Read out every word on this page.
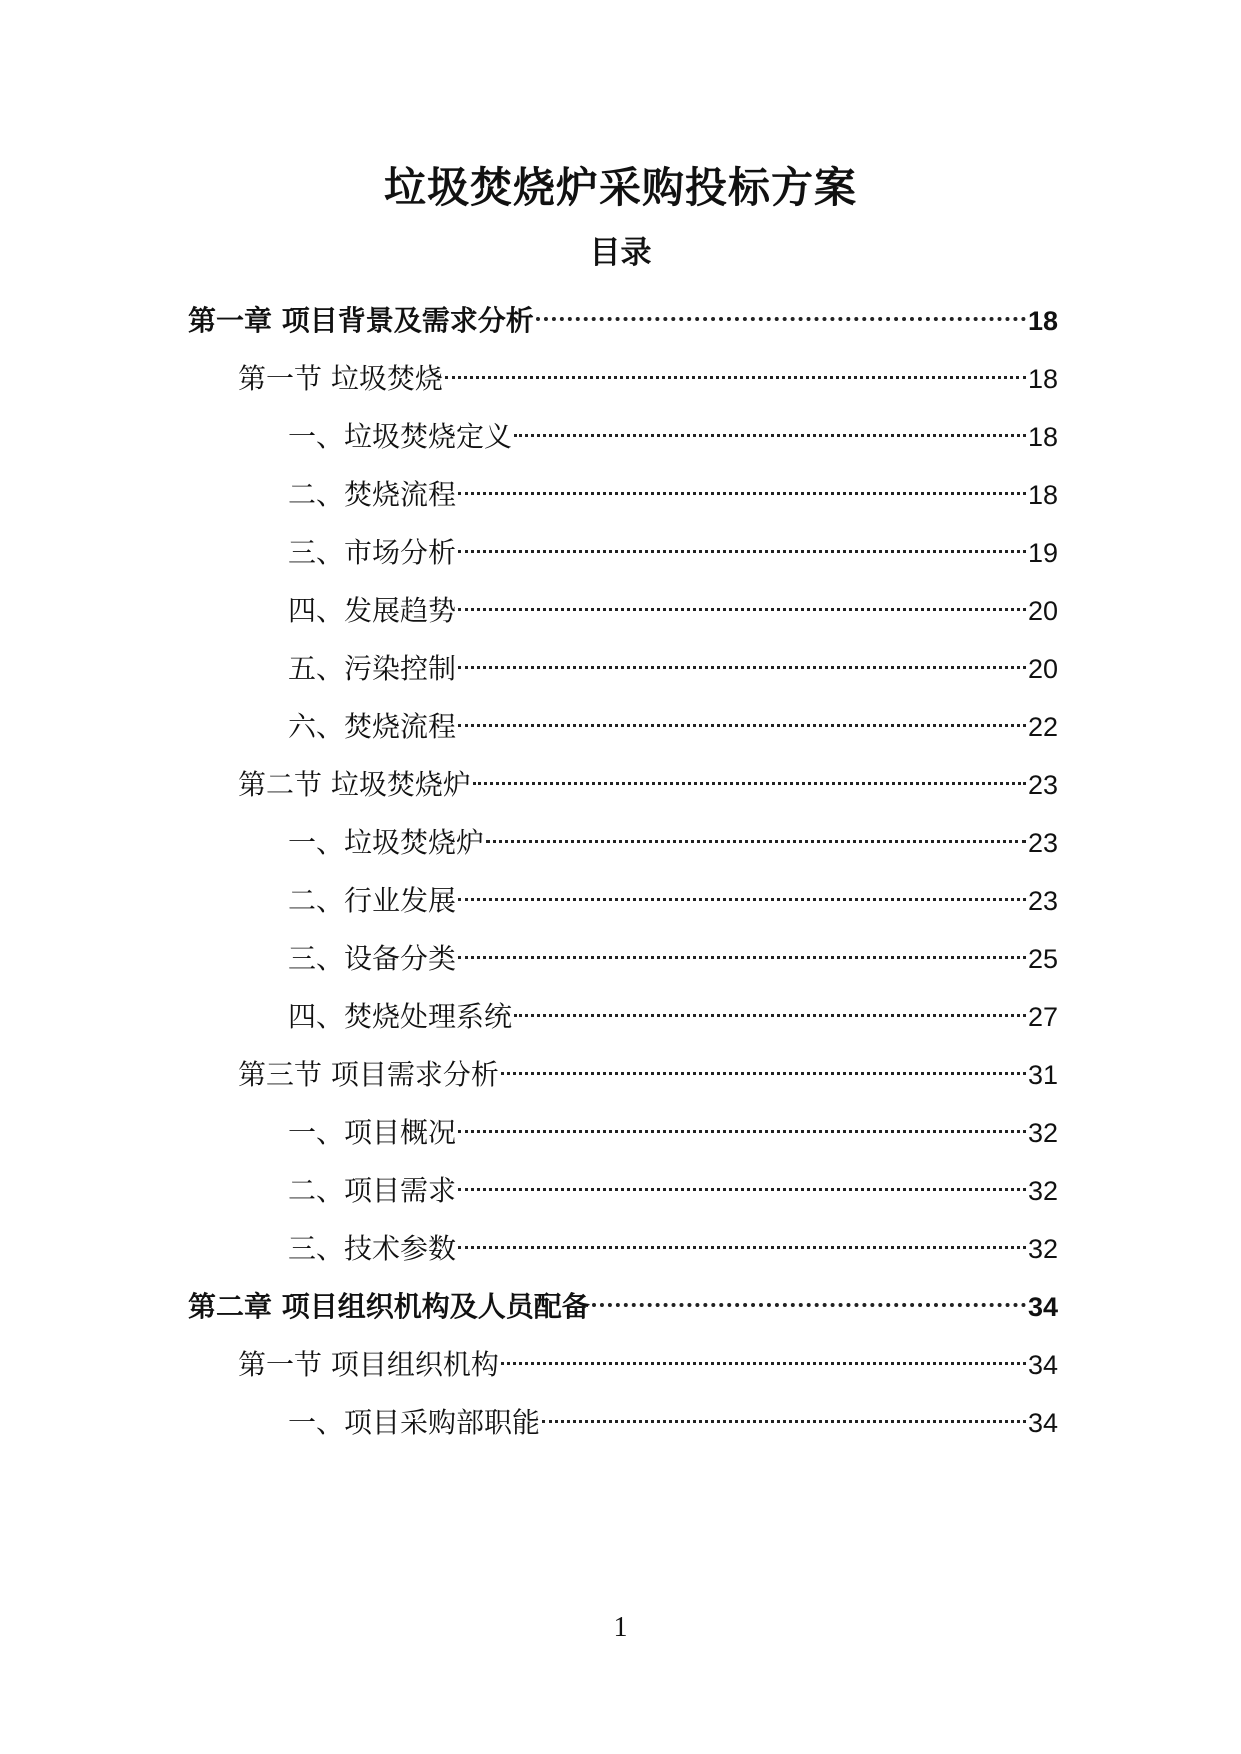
垃圾焚烧炉采购投标方案
目录
第一章 项目背景及需求分析	18
第一节 垃圾焚烧	18
一、垃圾焚烧定义	18
二、焚烧流程	18
三、市场分析	19
四、发展趋势	20
五、污染控制	20
六、焚烧流程	22
第二节 垃圾焚烧炉	23
一、垃圾焚烧炉	23
二、行业发展	23
三、设备分类	25
四、焚烧处理系统	27
第三节 项目需求分析	31
一、项目概况	32
二、项目需求	32
三、技术参数	32
第二章 项目组织机构及人员配备	34
第一节 项目组织机构	34
一、项目采购部职能	34
1
